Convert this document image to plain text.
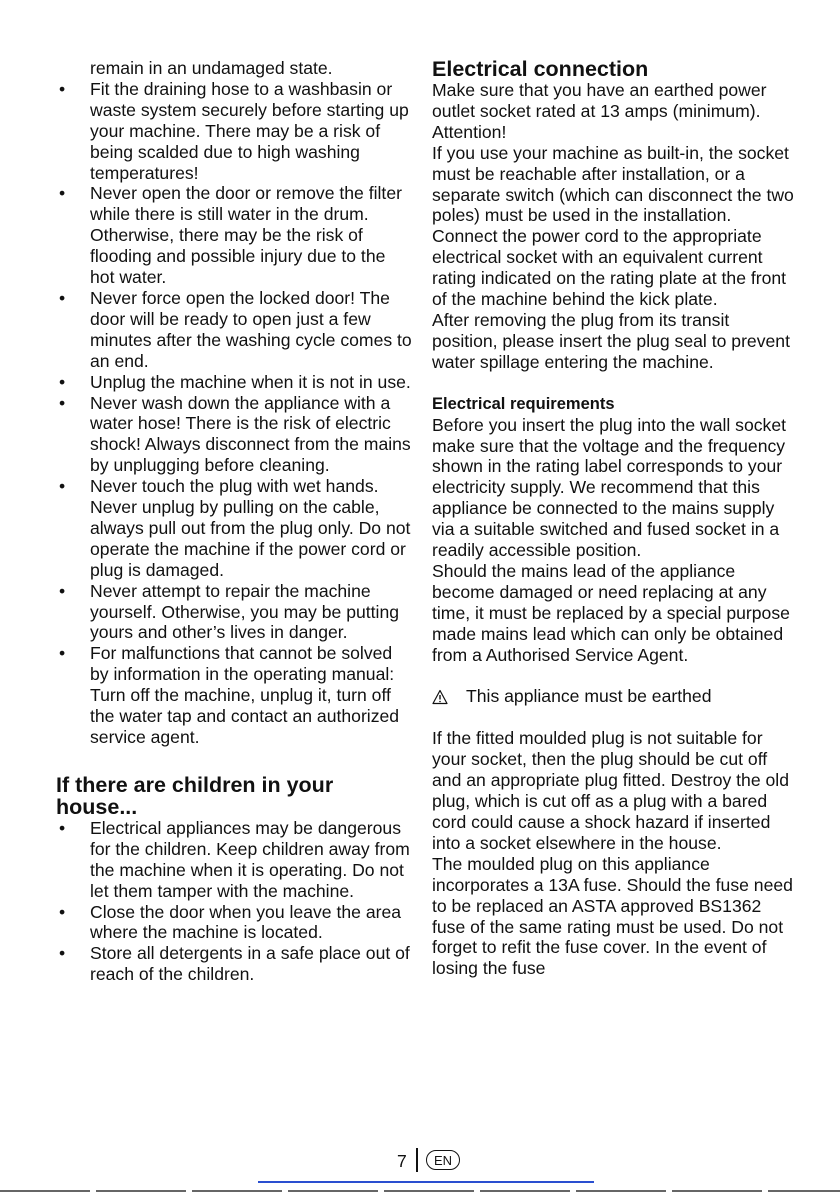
remain in an undamaged state.

• Fit the draining hose to a washbasin or waste system securely before starting up your machine. There may be a risk of being scalded due to high washing temperatures!
• Never open the door or remove the filter while there is still water in the drum. Otherwise, there may be the risk of flooding and possible injury due to the hot water.
• Never force open the locked door! The door will be ready to open just a few minutes after the washing cycle comes to an end.
• Unplug the machine when it is not in use.
• Never wash down the appliance with a water hose! There is the risk of electric shock! Always disconnect from the mains by unplugging before cleaning.
• Never touch the plug with wet hands. Never unplug by pulling on the cable, always pull out from the plug only. Do not operate the machine if the power cord or plug is damaged.
• Never attempt to repair the machine yourself. Otherwise, you may be putting yours and other’s lives in danger.
• For malfunctions that cannot be solved by information in the operating manual:

Turn off the machine, unplug it, turn off the water tap and contact an authorized service agent.

If there are children in your house...
• Electrical appliances may be dangerous for the children. Keep children away from the machine when it is operating. Do not let them tamper with the machine.
• Close the door when you leave the area where the machine is located.
• Store all detergents in a safe place out of reach of the children.
Electrical connection

Make sure that you have an earthed power outlet socket rated at 13 amps (minimum).

Attention!

If you use your machine as built-in, the socket must be reachable after installation, or a separate switch (which can disconnect the two poles) must be used in the installation.

Connect the power cord to the appropriate electrical socket with an equivalent current rating indicated on the rating plate at the front of the machine behind the kick plate.

After removing the plug from its transit position, please insert the plug seal to prevent water spillage entering the machine.

Electrical requirements

Before you insert the plug into the wall socket make sure that the voltage and the frequency shown in the rating label corresponds to your electricity supply. We recommend that this appliance be connected to the mains supply via a suitable switched and fused socket in a readily accessible position.

Should the mains lead of the appliance become damaged or need replacing at any time, it must be replaced by a special purpose made mains lead which can only be obtained from a Authorised Service Agent.

This appliance must be earthed

If the fitted moulded plug is not suitable for your socket, then the plug should be cut off and an appropriate plug fitted. Destroy the old plug, which is cut off as a plug with a bared cord could cause a shock hazard if inserted into a socket elsewhere in the house.

The moulded plug on this appliance incorporates a 13A fuse. Should the fuse need to be replaced an ASTA approved BS1362 fuse of the same rating must be used. Do not forget to refit the fuse cover. In the event of losing the fuse

7	EN
